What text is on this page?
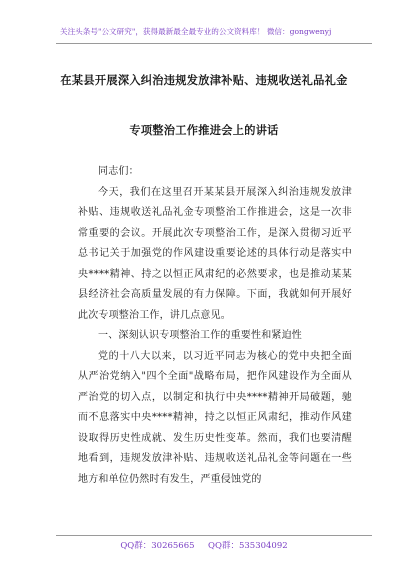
关注头条号"公文研究"，获得最新最全最专业的公文资料库！ 微信：gongwenyj
在某县开展深入纠治违规发放津补贴、违规收送礼品礼金
专项整治工作推进会上的讲话

同志们：

今天，我们在这里召开某某县开展深入纠治违规发放津补贴、违规收送礼品礼金专项整治工作推进会，这是一次非常重要的会议。开展此次专项整治工作，是深入贯彻习近平总书记关于加强党的作风建设重要论述的具体行动是落实中央****精神、持之以恒正风肃纪的必然要求，也是推动某某县经济社会高质量发展的有力保障。下面，我就如何开展好此次专项整治工作，讲几点意见。

一、深刻认识专项整治工作的重要性和紧迫性

党的十八大以来，以习近平同志为核心的党中央把全面从严治党纳入"四个全面"战略布局，把作风建设作为全面从严治党的切入点，以制定和执行中央****精神开局破题，驰而不息落实中央****精神，持之以恒正风肃纪，推动作风建设取得历史性成就、发生历史性变革。然而，我们也要清醒地看到，违规发放津补贴、违规收送礼品礼金等问题在一些地方和单位仍然时有发生，严重侵蚀党的

QQ群：30265665     QQ群：535304092
